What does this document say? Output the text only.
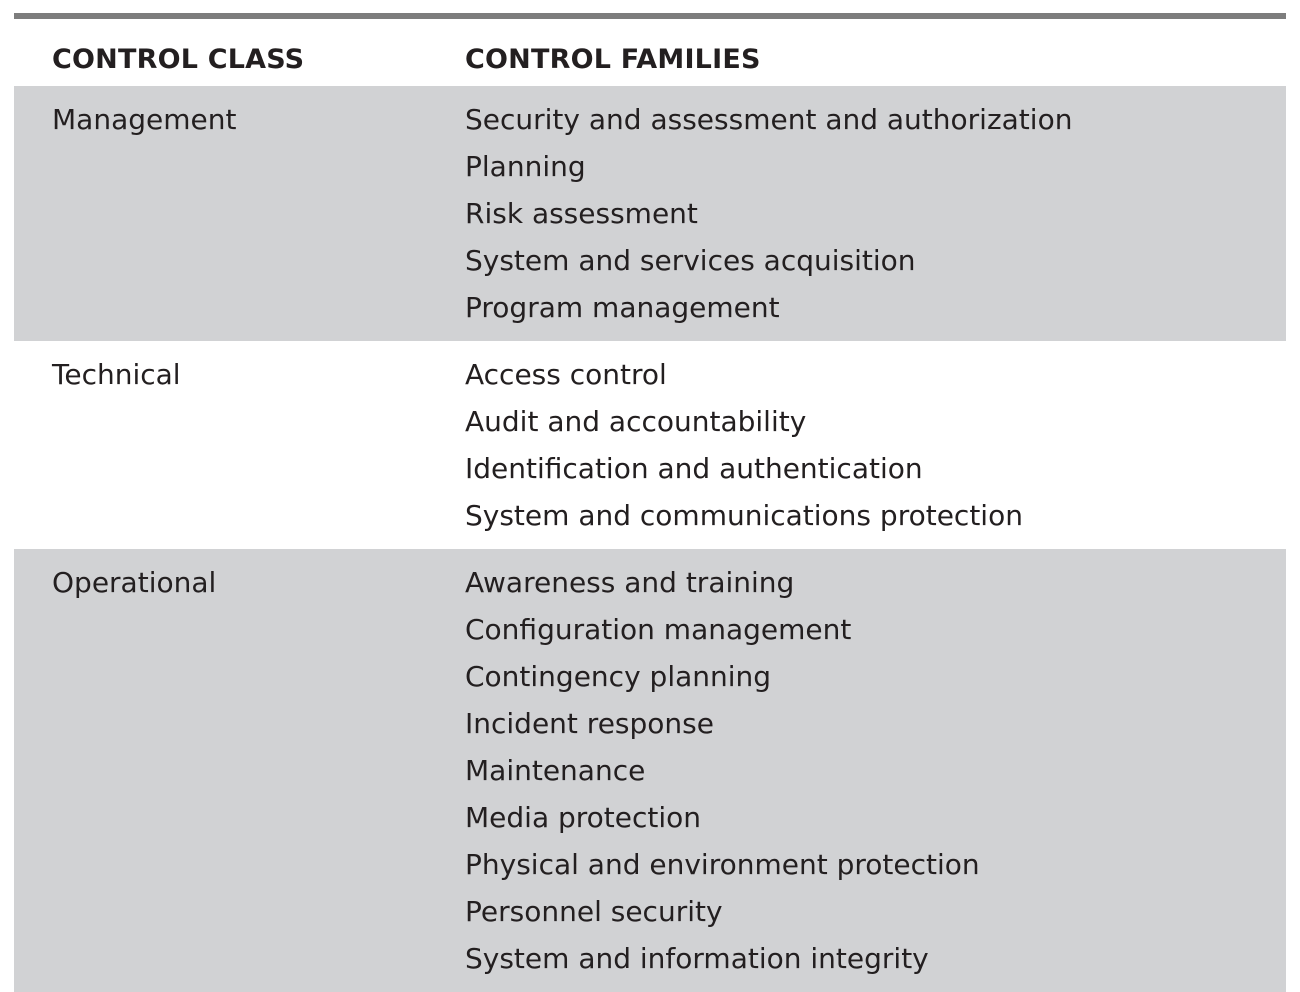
CONTROL CLASS	CONTROL FAMILIES
Management	Security and assessment and authorization
Planning
Risk assessment
System and services acquisition
Program management
Technical	Access control
Audit and accountability
Identification and authentication
System and communications protection
Operational	Awareness and training
Configuration management
Contingency planning
Incident response
Maintenance
Media protection
Physical and environment protection
Personnel security
System and information integrity
